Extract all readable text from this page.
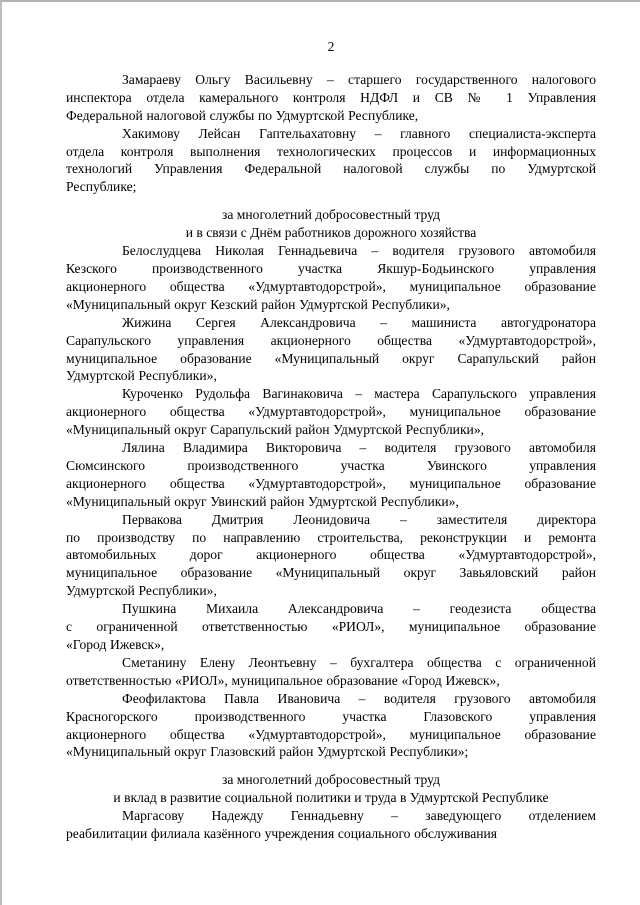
2

Замараеву Ольгу Васильевну – старшего государственного налогового
инспектора отдела камерального контроля НДФЛ и СВ № 1 Управления
Федеральной налоговой службы по Удмуртской Республике,

Хакимову Лейсан Гаптельахатовну – главного специалиста-эксперта
отдела контроля выполнения технологических процессов и информационных
технологий Управления Федеральной налоговой службы по Удмуртской
Республике;

за многолетний добросовестный труд
и в связи с Днём работников дорожного хозяйства

Белослудцева Николая Геннадьевича – водителя грузового автомобиля
Кезского производственного участка Якшур-Бодьинского управления
акционерного общества «Удмуртавтодорстрой», муниципальное образование
«Муниципальный округ Кезский район Удмуртской Республики»,

Жижина Сергея Александровича – машиниста автогудронатора
Сарапульского управления акционерного общества «Удмуртавтодорстрой»,
муниципальное образование «Муниципальный округ Сарапульский район
Удмуртской Республики»,

Куроченко Рудольфа Вагинаковича – мастера Сарапульского управления
акционерного общества «Удмуртавтодорстрой», муниципальное образование
«Муниципальный округ Сарапульский район Удмуртской Республики»,

Лялина Владимира Викторовича – водителя грузового автомобиля
Сюмсинского производственного участка Увинского управления
акционерного общества «Удмуртавтодорстрой», муниципальное образование
«Муниципальный округ Увинский район Удмуртской Республики»,

Первакова Дмитрия Леонидовича – заместителя директора
по производству по направлению строительства, реконструкции и ремонта
автомобильных дорог акционерного общества «Удмуртавтодорстрой»,
муниципальное образование «Муниципальный округ Завьяловский район
Удмуртской Республики»,

Пушкина Михаила Александровича – геодезиста общества
с ограниченной ответственностью «РИОЛ», муниципальное образование
«Город Ижевск»,

Сметанину Елену Леонтьевну – бухгалтера общества с ограниченной
ответственностью «РИОЛ», муниципальное образование «Город Ижевск»,

Феофилактова Павла Ивановича – водителя грузового автомобиля
Красногорского производственного участка Глазовского управления
акционерного общества «Удмуртавтодорстрой», муниципальное образование
«Муниципальный округ Глазовский район Удмуртской Республики»;

за многолетний добросовестный труд
и вклад в развитие социальной политики и труда в Удмуртской Республике

Маргасову Надежду Геннадьевну – заведующего отделением
реабилитации филиала казённого учреждения социального обслуживания
